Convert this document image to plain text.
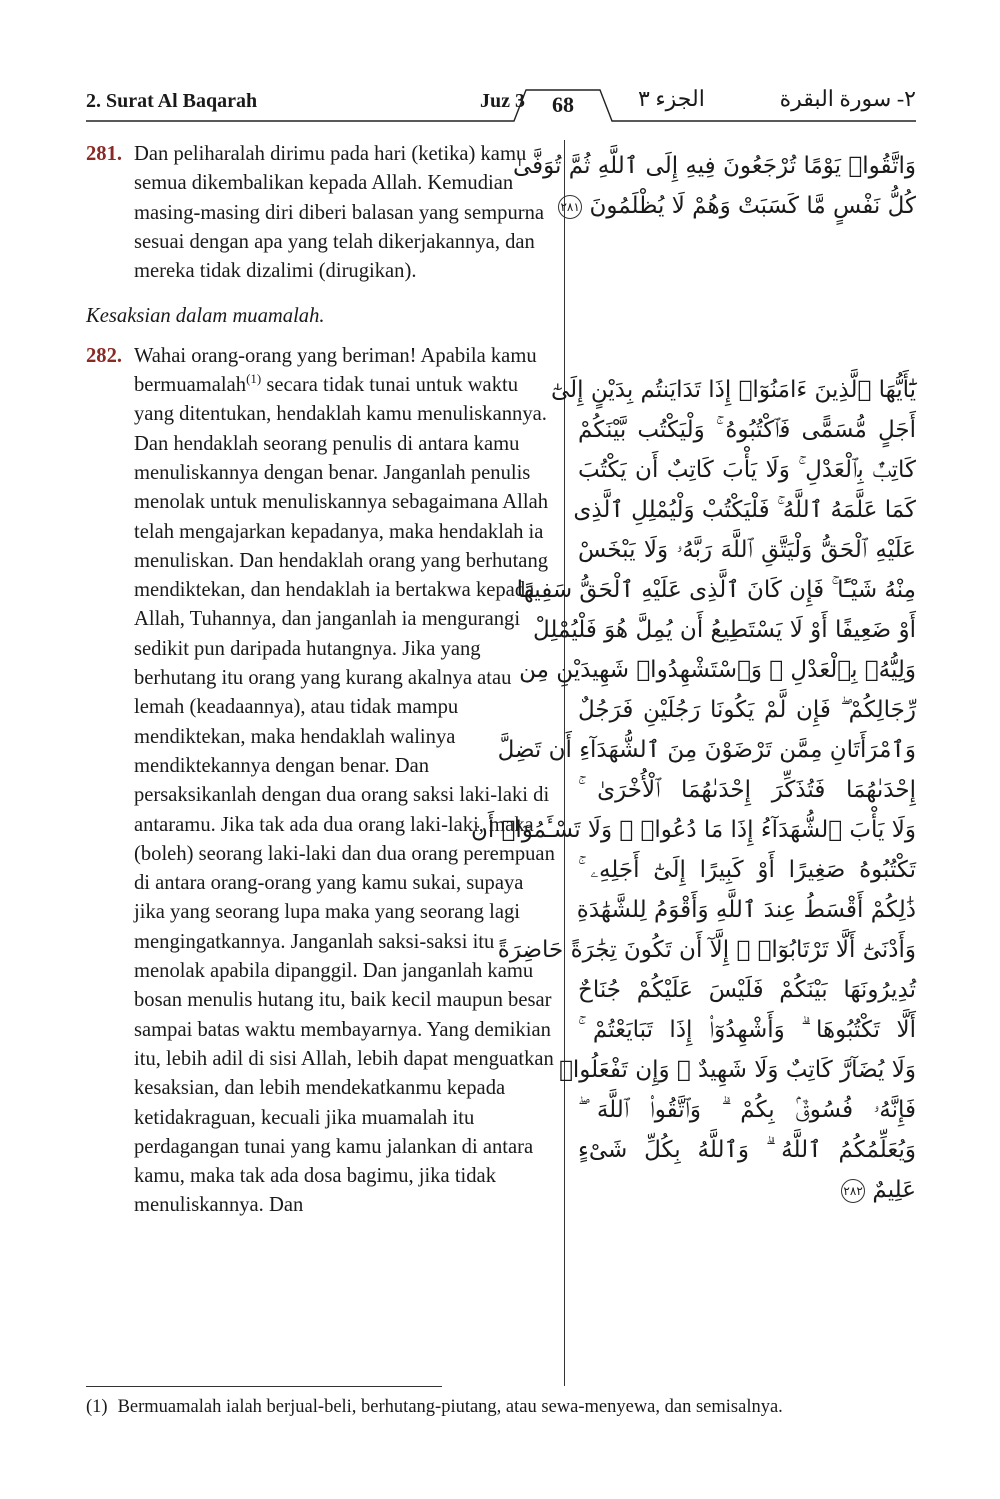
2. Surat Al Baqarah	Juz 3	68	الجزء ٣	٢- سورة البقرة
281. Dan peliharalah dirimu pada hari (ketika) kamu semua dikembalikan kepada Allah. Kemudian masing-masing diri diberi balasan yang sempurna sesuai dengan apa yang telah dikerjakannya, dan mereka tidak dizalimi (dirugikan).
Kesaksian dalam muamalah.
282. Wahai orang-orang yang beriman! Apabila kamu bermuamalah$^{(1)}$ secara tidak tunai untuk waktu yang ditentukan, hendaklah kamu menuliskannya. Dan hendaklah seorang penulis di antara kamu menuliskannya dengan benar. Janganlah penulis menolak untuk menuliskannya sebagaimana Allah telah mengajarkan kepadanya, maka hendaklah ia menuliskan. Dan hendaklah orang yang berhutang mendiktekan, dan hendaklah ia bertakwa kepada Allah, Tuhannya, dan janganlah ia mengurangi sedikit pun daripada hutangnya. Jika yang berhutang itu orang yang kurang akalnya atau lemah (keadaannya), atau tidak mampu mendiktekan, maka hendaklah walinya mendiktekannya dengan benar. Dan persaksikanlah dengan dua orang saksi laki-laki di antaramu. Jika tak ada dua orang laki-laki, maka (boleh) seorang laki-laki dan dua orang perempuan di antara orang-orang yang kamu sukai, supaya jika yang seorang lupa maka yang seorang lagi mengingatkannya. Janganlah saksi-saksi itu menolak apabila dipanggil. Dan janganlah kamu bosan menulis hutang itu, baik kecil maupun besar sampai batas waktu membayarnya. Yang demikian itu, lebih adil di sisi Allah, lebih dapat menguatkan kesaksian, dan lebih mendekatkanmu kepada ketidakraguan, kecuali jika muamalah itu perdagangan tunai yang kamu jalankan di antara kamu, maka tak ada dosa bagimu, jika tidak menuliskannya. Dan
وَاتَّقُوا۟ يَوْمًا تُرْجَعُونَ فِيهِ إِلَى ٱللَّهِ ثُمَّ تُوَفَّىٰ
كُلُّ نَفْسٍ مَّا كَسَبَتْ وَهُمْ لَا يُظْلَمُونَ ٢٨١
يَٰٓأَيُّهَا ٱلَّذِينَ ءَامَنُوٓا۟ إِذَا تَدَايَنتُم بِدَيْنٍ إِلَىٰٓ
أَجَلٍ مُّسَمًّى فَٱكْتُبُوهُ ۚ وَلْيَكْتُب بَّيْنَكُمْ
كَاتِبٌۢ بِٱلْعَدْلِ ۚ وَلَا يَأْبَ كَاتِبٌ أَن يَكْتُبَ
كَمَا عَلَّمَهُ ٱللَّهُ ۚ فَلْيَكْتُبْ وَلْيُمْلِلِ ٱلَّذِى
عَلَيْهِ ٱلْحَقُّ وَلْيَتَّقِ ٱللَّهَ رَبَّهُۥ وَلَا يَبْخَسْ
مِنْهُ شَيْـًٔا ۚ فَإِن كَانَ ٱلَّذِى عَلَيْهِ ٱلْحَقُّ سَفِيهًا
أَوْ ضَعِيفًا أَوْ لَا يَسْتَطِيعُ أَن يُمِلَّ هُوَ فَلْيُمْلِلْ
وَلِيُّهُۥ بِٱلْعَدْلِ ۚ وَٱسْتَشْهِدُوا۟ شَهِيدَيْنِ مِن
رِّجَالِكُمْ ۖ فَإِن لَّمْ يَكُونَا رَجُلَيْنِ فَرَجُلٌ
وَٱمْرَأَتَانِ مِمَّن تَرْضَوْنَ مِنَ ٱلشُّهَدَآءِ أَن تَضِلَّ
إِحْدَىٰهُمَا فَتُذَكِّرَ إِحْدَىٰهُمَا ٱلْأُخْرَىٰ ۚ
وَلَا يَأْبَ ٱلشُّهَدَآءُ إِذَا مَا دُعُوا۟ ۚ وَلَا تَسْـَٔمُوٓا۟ أَن
تَكْتُبُوهُ صَغِيرًا أَوْ كَبِيرًا إِلَىٰٓ أَجَلِهِۦ ۚ
ذَٰلِكُمْ أَقْسَطُ عِندَ ٱللَّهِ وَأَقْوَمُ لِلشَّهَٰدَةِ
وَأَدْنَىٰٓ أَلَّا تَرْتَابُوٓا۟ ۖ إِلَّآ أَن تَكُونَ تِجَٰرَةً حَاضِرَةً
تُدِيرُونَهَا بَيْنَكُمْ فَلَيْسَ عَلَيْكُمْ جُنَاحٌ
أَلَّا تَكْتُبُوهَا ۗ وَأَشْهِدُوٓا۟ إِذَا تَبَايَعْتُمْ ۚ
وَلَا يُضَآرَّ كَاتِبٌ وَلَا شَهِيدٌ ۚ وَإِن تَفْعَلُوا۟
فَإِنَّهُۥ فُسُوقٌۢ بِكُمْ ۗ وَٱتَّقُوا۟ ٱللَّهَ ۖ
وَيُعَلِّمُكُمُ ٱللَّهُ ۗ وَٱللَّهُ بِكُلِّ شَىْءٍ
عَلِيمٌ ٢٨٢
(1) Bermuamalah ialah berjual-beli, berhutang-piutang, atau sewa-menyewa, dan semisalnya.
